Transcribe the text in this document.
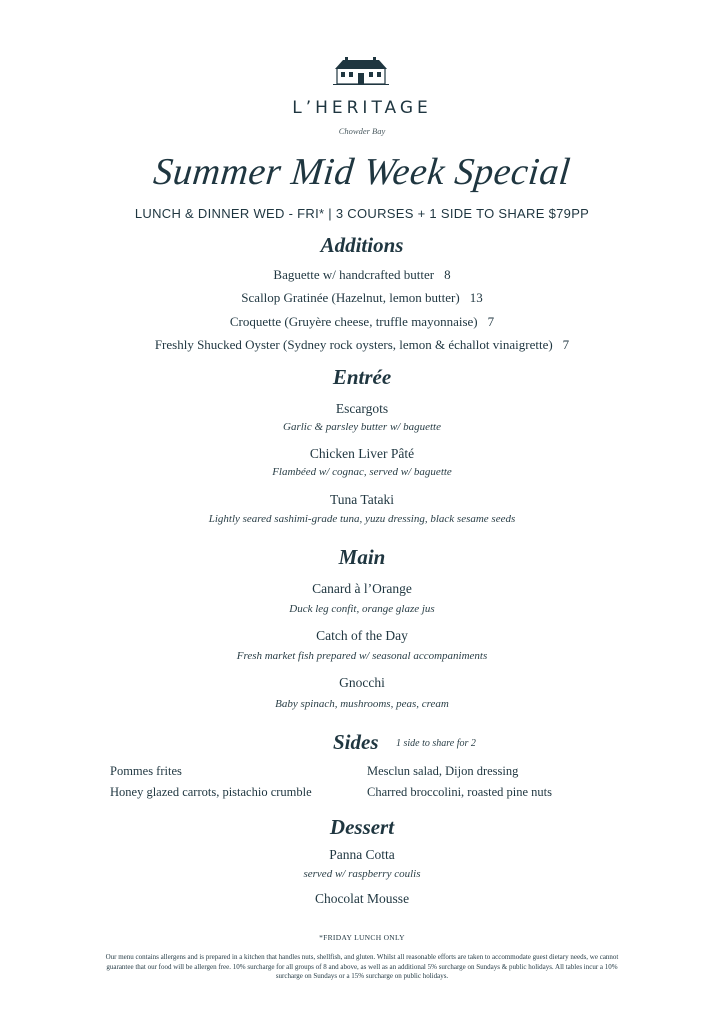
L’HERITAGE
Chowder Bay
Summer Mid Week Special
LUNCH & DINNER WED - FRI* | 3 COURSES + 1 SIDE TO SHARE $79PP
Additions
Baguette w/ handcrafted butter 8
Scallop Gratinée (Hazelnut, lemon butter) 13
Croquette (Gruyère cheese, truffle mayonnaise) 7
Freshly Shucked Oyster (Sydney rock oysters, lemon & échallot vinaigrette) 7
Entrée
Escargots
Garlic & parsley butter w/ baguette
Chicken Liver Pâté
Flambéed w/ cognac, served w/ baguette
Tuna Tataki
Lightly seared sashimi-grade tuna, yuzu dressing, black sesame seeds
Main
Canard à l’Orange
Duck leg confit, orange glaze jus
Catch of the Day
Fresh market fish prepared w/ seasonal accompaniments
Gnocchi
Baby spinach, mushrooms, peas, cream
Sides 1 side to share for 2
Pommes frites	Mesclun salad, Dijon dressing
Honey glazed carrots, pistachio crumble	Charred broccolini, roasted pine nuts
Dessert
Panna Cotta
served w/ raspberry coulis
Chocolat Mousse
*FRIDAY LUNCH ONLY
Our menu contains allergens and is prepared in a kitchen that handles nuts, shellfish, and gluten. Whilst all reasonable efforts are taken to accommodate guest dietary needs, we cannot guarantee that our food will be allergen free. 10% surcharge for all groups of 8 and above, as well as an additional 5% surcharge on Sundays & public holidays. All tables incur a 10% surcharge on Sundays or a 15% surcharge on public holidays.
